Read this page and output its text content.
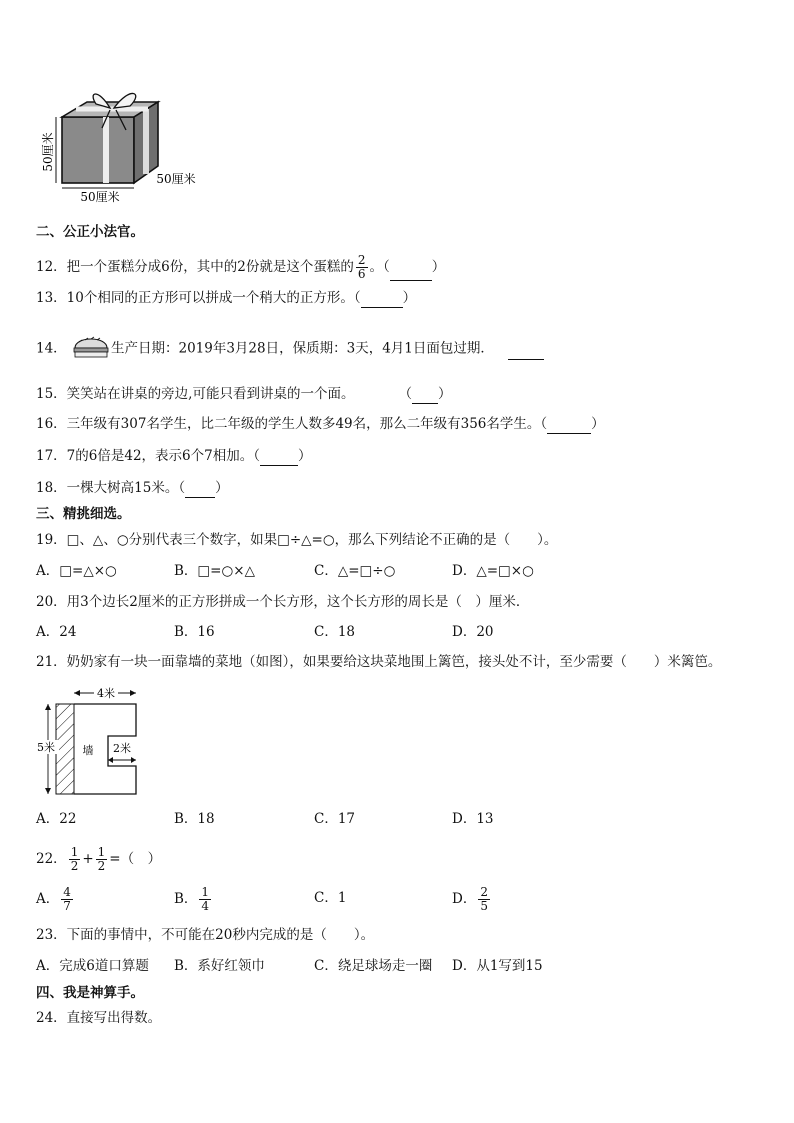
50厘米
50厘米
50厘米
二、公正小法官。
12．把一个蛋糕分成6份，其中的2份就是这个蛋糕的 $\frac{2}{6}$ 。（	）
13．10个相同的正方形可以拼成一个稍大的正方形。（	）
14．	生产日期：2019年3月28日，保质期：3天，4月1日面包过期．
15．笑笑站在讲桌的旁边,可能只看到讲桌的一个面。	（ ）
16．三年级有307名学生，比二年级的学生人数多49名，那么二年级有356名学生。（	）
17．7的6倍是42，表示6个7相加。（	）
18．一棵大树高15米。（ ）
三、精挑细选。
19．□、△、○分别代表三个数字，如果□÷△=○，那么下列结论不正确的是（　　）。
A．□=△×○	B．□=○×△	C．△=□÷○	D．△=□×○
20．用3个边长2厘米的正方形拼成一个长方形，这个长方形的周长是（　）厘米．
A．24	B．16	C．18	D．20
21．奶奶家有一块一面靠墙的菜地（如图），如果要给这块菜地围上篱笆，接头处不计，至少需要（　　）米篱笆。
4米
5米	墙 2米
A．22	B．18	C．17	D．13
22． $\frac{1}{2} + \frac{1}{2}$ =（　）
A． $\frac{4}{7}$	B． $\frac{1}{4}$	C．1	D． $\frac{2}{5}$
23．下面的事情中，不可能在20秒内完成的是（　　）。
A．完成6道口算题 B．系好红领巾	C．绕足球场走一圈 D．从1写到15
四、我是神算手。
24．直接写出得数。
